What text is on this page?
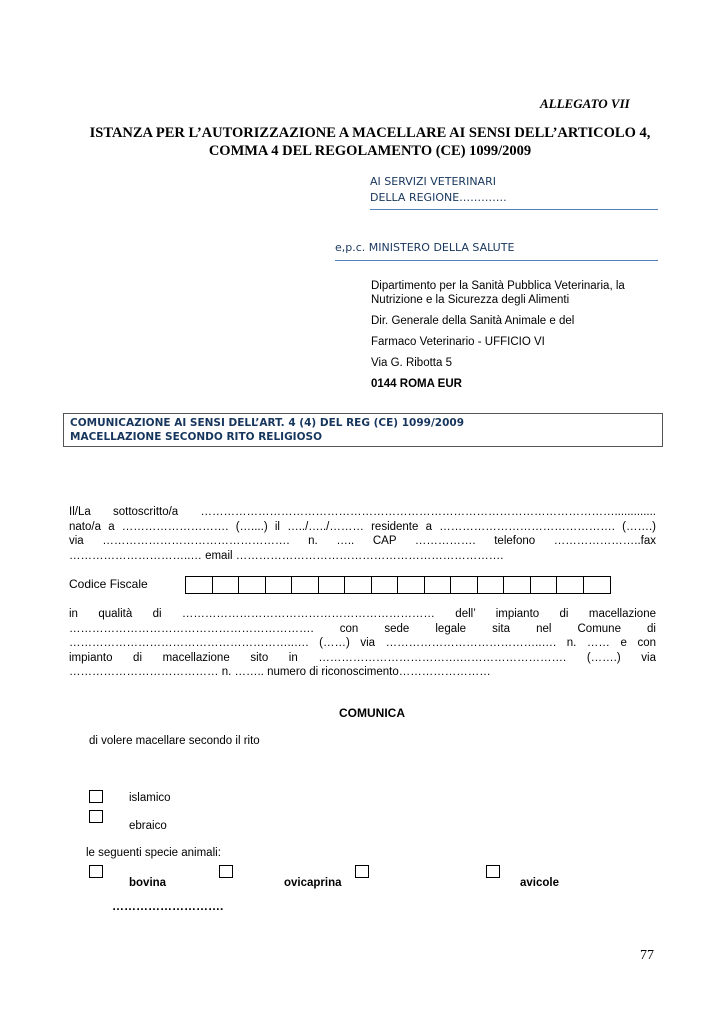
ALLEGATO VII
ISTANZA PER L’AUTORIZZAZIONE A MACELLARE AI SENSI DELL’ARTICOLO 4,
COMMA 4 DEL REGOLAMENTO (CE) 1099/2009
AI SERVIZI VETERINARI
DELLA REGIONE………….
e,p.c. MINISTERO DELLA SALUTE
Dipartimento per la Sanità Pubblica Veterinaria, la Nutrizione e la Sicurezza degli Alimenti
Dir. Generale della Sanità Animale e del
Farmaco Veterinario - UFFICIO VI
Via G. Ribotta 5
0144 ROMA EUR
COMUNICAZIONE AI SENSI DELL’ART. 4 (4) DEL REG (CE) 1099/2009
MACELLAZIONE SECONDO RITO RELIGIOSO

Il/La sottoscritto/a ……………………………………………………………………………………………….............

nato/a a ………………………. (…....) il …../…../……… residente a ………………………………………. (…….)

via …………………………………………. n. ….. CAP ……………. telefono …………………..fax

…………………………..… email …………………………………………………………….

Codice Fiscale

in qualità di ………………………………………………………… dell’ impianto di macellazione

………………………………………………………. con sede legale sita nel Comune di

…………………………………………………..…. (……) via …………………………………..…. n. …… e con

impianto di macellazione sito in ……………………………….………………………. (…….) via

………………………………… n. …….. numero di riconoscimento……………………

COMUNICA
di volere macellare secondo il rito
islamico
ebraico
le seguenti specie animali:
bovina	ovicaprina	avicole
……………………….
77
